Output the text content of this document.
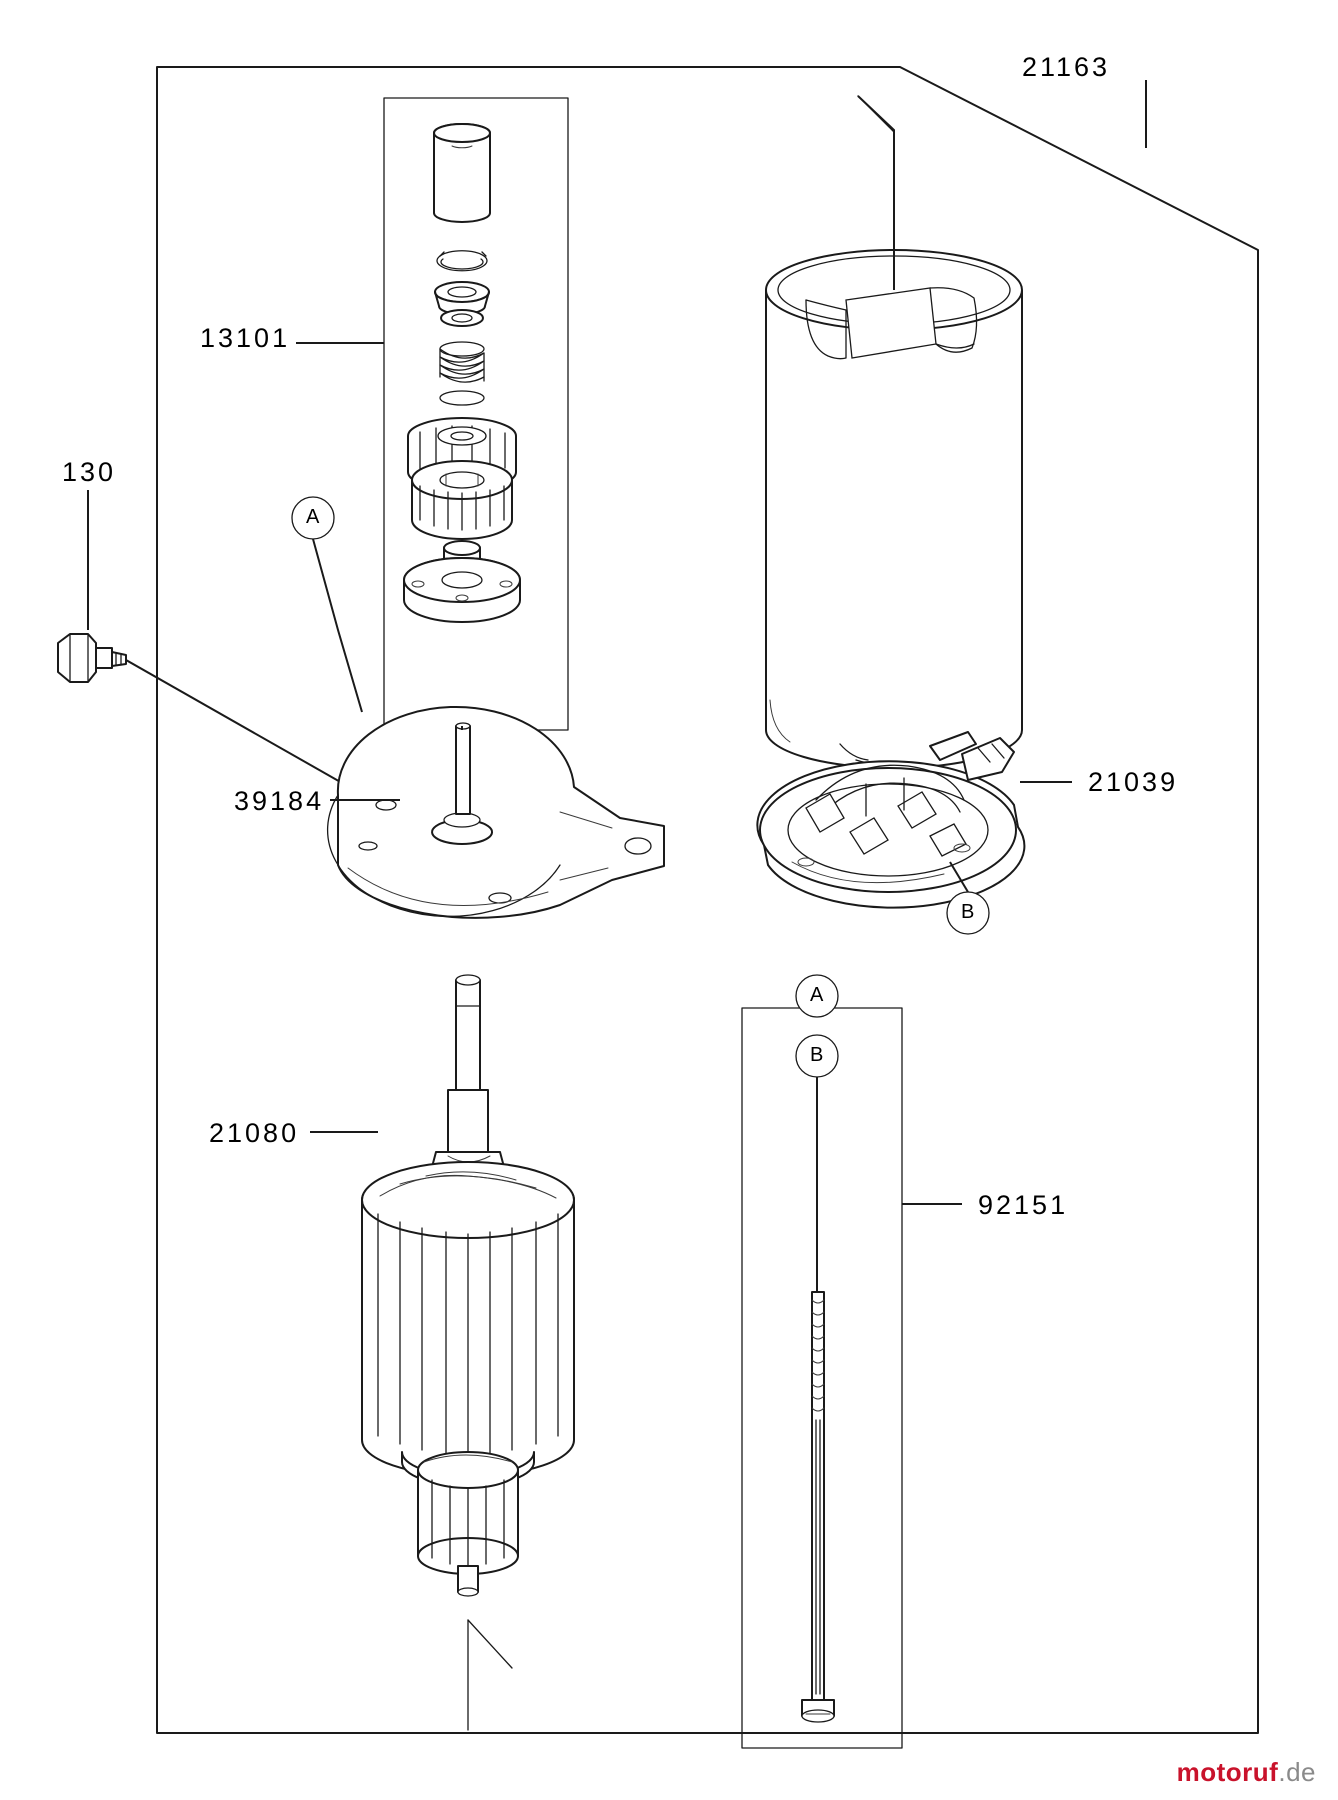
21163
13101
130
21039
39184
21080
92151
A
B
A
B
motoruf.de
